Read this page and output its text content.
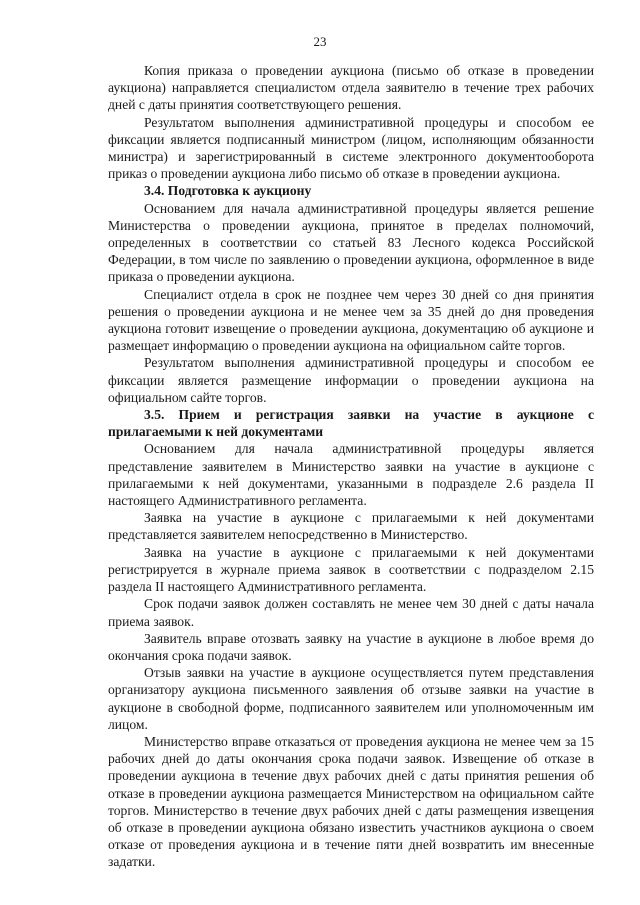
23

Копия приказа о проведении аукциона (письмо об отказе в проведении аукциона) направляется специалистом отдела заявителю в течение трех рабочих дней с даты принятия соответствующего решения.

Результатом выполнения административной процедуры и способом ее фиксации является подписанный министром (лицом, исполняющим обязанности министра) и зарегистрированный в системе электронного документооборота приказ о проведении аукциона либо письмо об отказе в проведении аукциона.

3.4. Подготовка к аукциону

Основанием для начала административной процедуры является решение Министерства о проведении аукциона, принятое в пределах полномочий, определенных в соответствии со статьей 83 Лесного кодекса Российской Федерации, в том числе по заявлению о проведении аукциона, оформленное в виде приказа о проведении аукциона.

Специалист отдела в срок не позднее чем через 30 дней со дня принятия решения о проведении аукциона и не менее чем за 35 дней до дня проведения аукциона готовит извещение о проведении аукциона, документацию об аукционе и размещает информацию о проведении аукциона на официальном сайте торгов.

Результатом выполнения административной процедуры и способом ее фиксации является размещение информации о проведении аукциона на официальном сайте торгов.

3.5. Прием и регистрация заявки на участие в аукционе с прилагаемыми к ней документами

Основанием для начала административной процедуры является представление заявителем в Министерство заявки на участие в аукционе с прилагаемыми к ней документами, указанными в подразделе 2.6 раздела II настоящего Административного регламента.

Заявка на участие в аукционе с прилагаемыми к ней документами представляется заявителем непосредственно в Министерство.

Заявка на участие в аукционе с прилагаемыми к ней документами регистрируется в журнале приема заявок в соответствии с подразделом 2.15 раздела II настоящего Административного регламента.

Срок подачи заявок должен составлять не менее чем 30 дней с даты начала приема заявок.

Заявитель вправе отозвать заявку на участие в аукционе в любое время до окончания срока подачи заявок.

Отзыв заявки на участие в аукционе осуществляется путем представления организатору аукциона письменного заявления об отзыве заявки на участие в аукционе в свободной форме, подписанного заявителем или уполномоченным им лицом.

Министерство вправе отказаться от проведения аукциона не менее чем за 15 рабочих дней до даты окончания срока подачи заявок. Извещение об отказе в проведении аукциона в течение двух рабочих дней с даты принятия решения об отказе в проведении аукциона размещается Министерством на официальном сайте торгов. Министерство в течение двух рабочих дней с даты размещения извещения об отказе в проведении аукциона обязано известить участников аукциона о своем отказе от проведения аукциона и в течение пяти дней возвратить им внесенные задатки.
